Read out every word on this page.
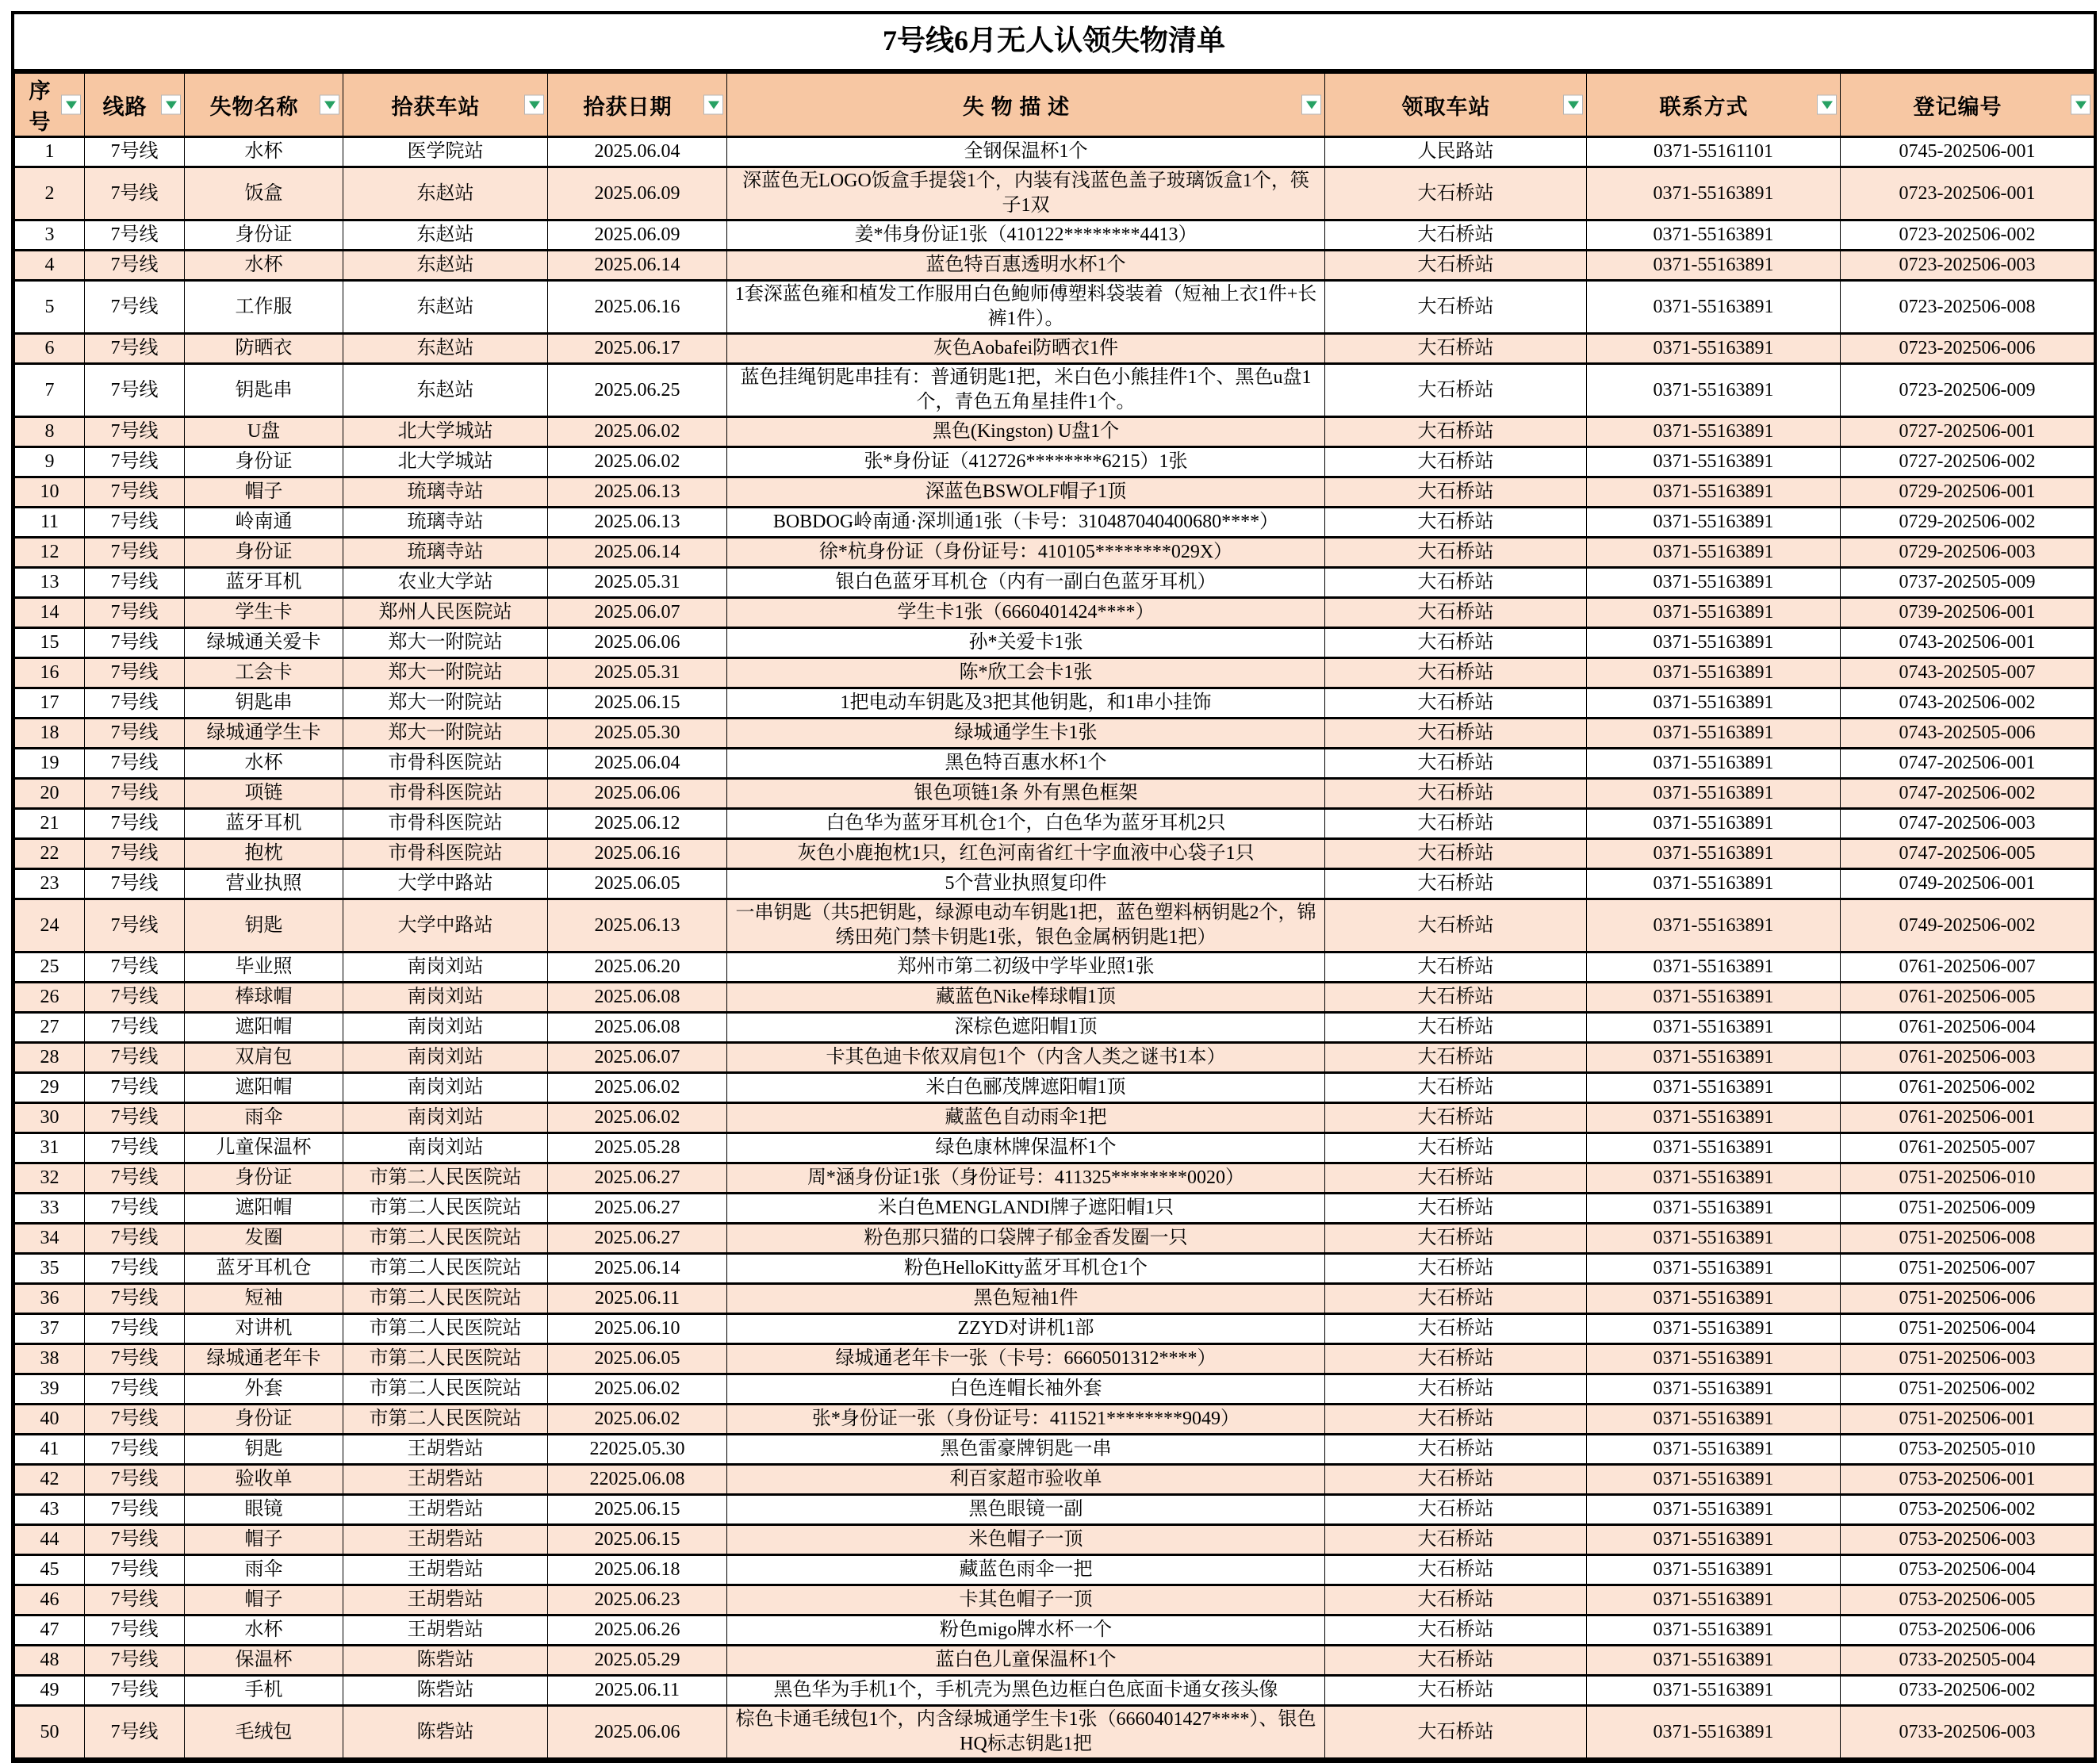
7号线6月无人认领失物清单
序号	线路	失物名称	拾获车站	拾获日期	失 物 描 述	领取车站	联系方式	登记编号

1	7号线	水杯	医学院站	2025.06.04	全钢保温杯1个	人民路站	0371-55161101	0745-202506-001
2	7号线	饭盒	东赵站	2025.06.09	深蓝色无LOGO饭盒手提袋1个，内装有浅蓝色盖子玻璃饭盒1个，筷子1双	大石桥站	0371-55163891	0723-202506-001
3	7号线	身份证	东赵站	2025.06.09	姜*伟身份证1张（410122********4413）	大石桥站	0371-55163891	0723-202506-002
4	7号线	水杯	东赵站	2025.06.14	蓝色特百惠透明水杯1个	大石桥站	0371-55163891	0723-202506-003
5	7号线	工作服	东赵站	2025.06.16	1套深蓝色雍和植发工作服用白色鲍师傅塑料袋装着（短袖上衣1件+长裤1件）。	大石桥站	0371-55163891	0723-202506-008
6	7号线	防晒衣	东赵站	2025.06.17	灰色Aobafei防晒衣1件	大石桥站	0371-55163891	0723-202506-006
7	7号线	钥匙串	东赵站	2025.06.25	蓝色挂绳钥匙串挂有：普通钥匙1把，米白色小熊挂件1个、黑色u盘1个，青色五角星挂件1个。	大石桥站	0371-55163891	0723-202506-009
8	7号线	U盘	北大学城站	2025.06.02	黑色(Kingston) U盘1个	大石桥站	0371-55163891	0727-202506-001
9	7号线	身份证	北大学城站	2025.06.02	张*身份证（412726********6215）1张	大石桥站	0371-55163891	0727-202506-002
10	7号线	帽子	琉璃寺站	2025.06.13	深蓝色BSWOLF帽子1顶	大石桥站	0371-55163891	0729-202506-001
11	7号线	岭南通	琉璃寺站	2025.06.13	BOBDOG岭南通·深圳通1张（卡号：310487040400680****）	大石桥站	0371-55163891	0729-202506-002
12	7号线	身份证	琉璃寺站	2025.06.14	徐*杭身份证（身份证号：410105********029X）	大石桥站	0371-55163891	0729-202506-003
13	7号线	蓝牙耳机	农业大学站	2025.05.31	银白色蓝牙耳机仓（内有一副白色蓝牙耳机）	大石桥站	0371-55163891	0737-202505-009
14	7号线	学生卡	郑州人民医院站	2025.06.07	学生卡1张（6660401424****）	大石桥站	0371-55163891	0739-202506-001
15	7号线	绿城通关爱卡	郑大一附院站	2025.06.06	孙*关爱卡1张	大石桥站	0371-55163891	0743-202506-001
16	7号线	工会卡	郑大一附院站	2025.05.31	陈*欣工会卡1张	大石桥站	0371-55163891	0743-202505-007
17	7号线	钥匙串	郑大一附院站	2025.06.15	1把电动车钥匙及3把其他钥匙，和1串小挂饰	大石桥站	0371-55163891	0743-202506-002
18	7号线	绿城通学生卡	郑大一附院站	2025.05.30	绿城通学生卡1张	大石桥站	0371-55163891	0743-202505-006
19	7号线	水杯	市骨科医院站	2025.06.04	黑色特百惠水杯1个	大石桥站	0371-55163891	0747-202506-001
20	7号线	项链	市骨科医院站	2025.06.06	银色项链1条 外有黑色框架	大石桥站	0371-55163891	0747-202506-002
21	7号线	蓝牙耳机	市骨科医院站	2025.06.12	白色华为蓝牙耳机仓1个，白色华为蓝牙耳机2只	大石桥站	0371-55163891	0747-202506-003
22	7号线	抱枕	市骨科医院站	2025.06.16	灰色小鹿抱枕1只，红色河南省红十字血液中心袋子1只	大石桥站	0371-55163891	0747-202506-005
23	7号线	营业执照	大学中路站	2025.06.05	5个营业执照复印件	大石桥站	0371-55163891	0749-202506-001
24	7号线	钥匙	大学中路站	2025.06.13	一串钥匙（共5把钥匙，绿源电动车钥匙1把，蓝色塑料柄钥匙2个，锦绣田苑门禁卡钥匙1张，银色金属柄钥匙1把）	大石桥站	0371-55163891	0749-202506-002
25	7号线	毕业照	南岗刘站	2025.06.20	郑州市第二初级中学毕业照1张	大石桥站	0371-55163891	0761-202506-007
26	7号线	棒球帽	南岗刘站	2025.06.08	藏蓝色Nike棒球帽1顶	大石桥站	0371-55163891	0761-202506-005
27	7号线	遮阳帽	南岗刘站	2025.06.08	深棕色遮阳帽1顶	大石桥站	0371-55163891	0761-202506-004
28	7号线	双肩包	南岗刘站	2025.06.07	卡其色迪卡侬双肩包1个（内含人类之谜书1本）	大石桥站	0371-55163891	0761-202506-003
29	7号线	遮阳帽	南岗刘站	2025.06.02	米白色郦茂牌遮阳帽1顶	大石桥站	0371-55163891	0761-202506-002
30	7号线	雨伞	南岗刘站	2025.06.02	藏蓝色自动雨伞1把	大石桥站	0371-55163891	0761-202506-001
31	7号线	儿童保温杯	南岗刘站	2025.05.28	绿色康林牌保温杯1个	大石桥站	0371-55163891	0761-202505-007
32	7号线	身份证	市第二人民医院站	2025.06.27	周*涵身份证1张（身份证号：411325********0020）	大石桥站	0371-55163891	0751-202506-010
33	7号线	遮阳帽	市第二人民医院站	2025.06.27	米白色MENGLANDI牌子遮阳帽1只	大石桥站	0371-55163891	0751-202506-009
34	7号线	发圈	市第二人民医院站	2025.06.27	粉色那只猫的口袋牌子郁金香发圈一只	大石桥站	0371-55163891	0751-202506-008
35	7号线	蓝牙耳机仓	市第二人民医院站	2025.06.14	粉色HelloKitty蓝牙耳机仓1个	大石桥站	0371-55163891	0751-202506-007
36	7号线	短袖	市第二人民医院站	2025.06.11	黑色短袖1件	大石桥站	0371-55163891	0751-202506-006
37	7号线	对讲机	市第二人民医院站	2025.06.10	ZZYD对讲机1部	大石桥站	0371-55163891	0751-202506-004
38	7号线	绿城通老年卡	市第二人民医院站	2025.06.05	绿城通老年卡一张（卡号：6660501312****）	大石桥站	0371-55163891	0751-202506-003
39	7号线	外套	市第二人民医院站	2025.06.02	白色连帽长袖外套	大石桥站	0371-55163891	0751-202506-002
40	7号线	身份证	市第二人民医院站	2025.06.02	张*身份证一张（身份证号：411521********9049）	大石桥站	0371-55163891	0751-202506-001
41	7号线	钥匙	王胡砦站	22025.05.30	黑色雷豪牌钥匙一串	大石桥站	0371-55163891	0753-202505-010
42	7号线	验收单	王胡砦站	22025.06.08	利百家超市验收单	大石桥站	0371-55163891	0753-202506-001
43	7号线	眼镜	王胡砦站	2025.06.15	黑色眼镜一副	大石桥站	0371-55163891	0753-202506-002
44	7号线	帽子	王胡砦站	2025.06.15	米色帽子一顶	大石桥站	0371-55163891	0753-202506-003
45	7号线	雨伞	王胡砦站	2025.06.18	藏蓝色雨伞一把	大石桥站	0371-55163891	0753-202506-004
46	7号线	帽子	王胡砦站	2025.06.23	卡其色帽子一顶	大石桥站	0371-55163891	0753-202506-005
47	7号线	水杯	王胡砦站	2025.06.26	粉色migo牌水杯一个	大石桥站	0371-55163891	0753-202506-006
48	7号线	保温杯	陈砦站	2025.05.29	蓝白色儿童保温杯1个	大石桥站	0371-55163891	0733-202505-004
49	7号线	手机	陈砦站	2025.06.11	黑色华为手机1个，手机壳为黑色边框白色底面卡通女孩头像	大石桥站	0371-55163891	0733-202506-002
50	7号线	毛绒包	陈砦站	2025.06.06	棕色卡通毛绒包1个，内含绿城通学生卡1张（6660401427****）、银色HQ标志钥匙1把	大石桥站	0371-55163891	0733-202506-003
